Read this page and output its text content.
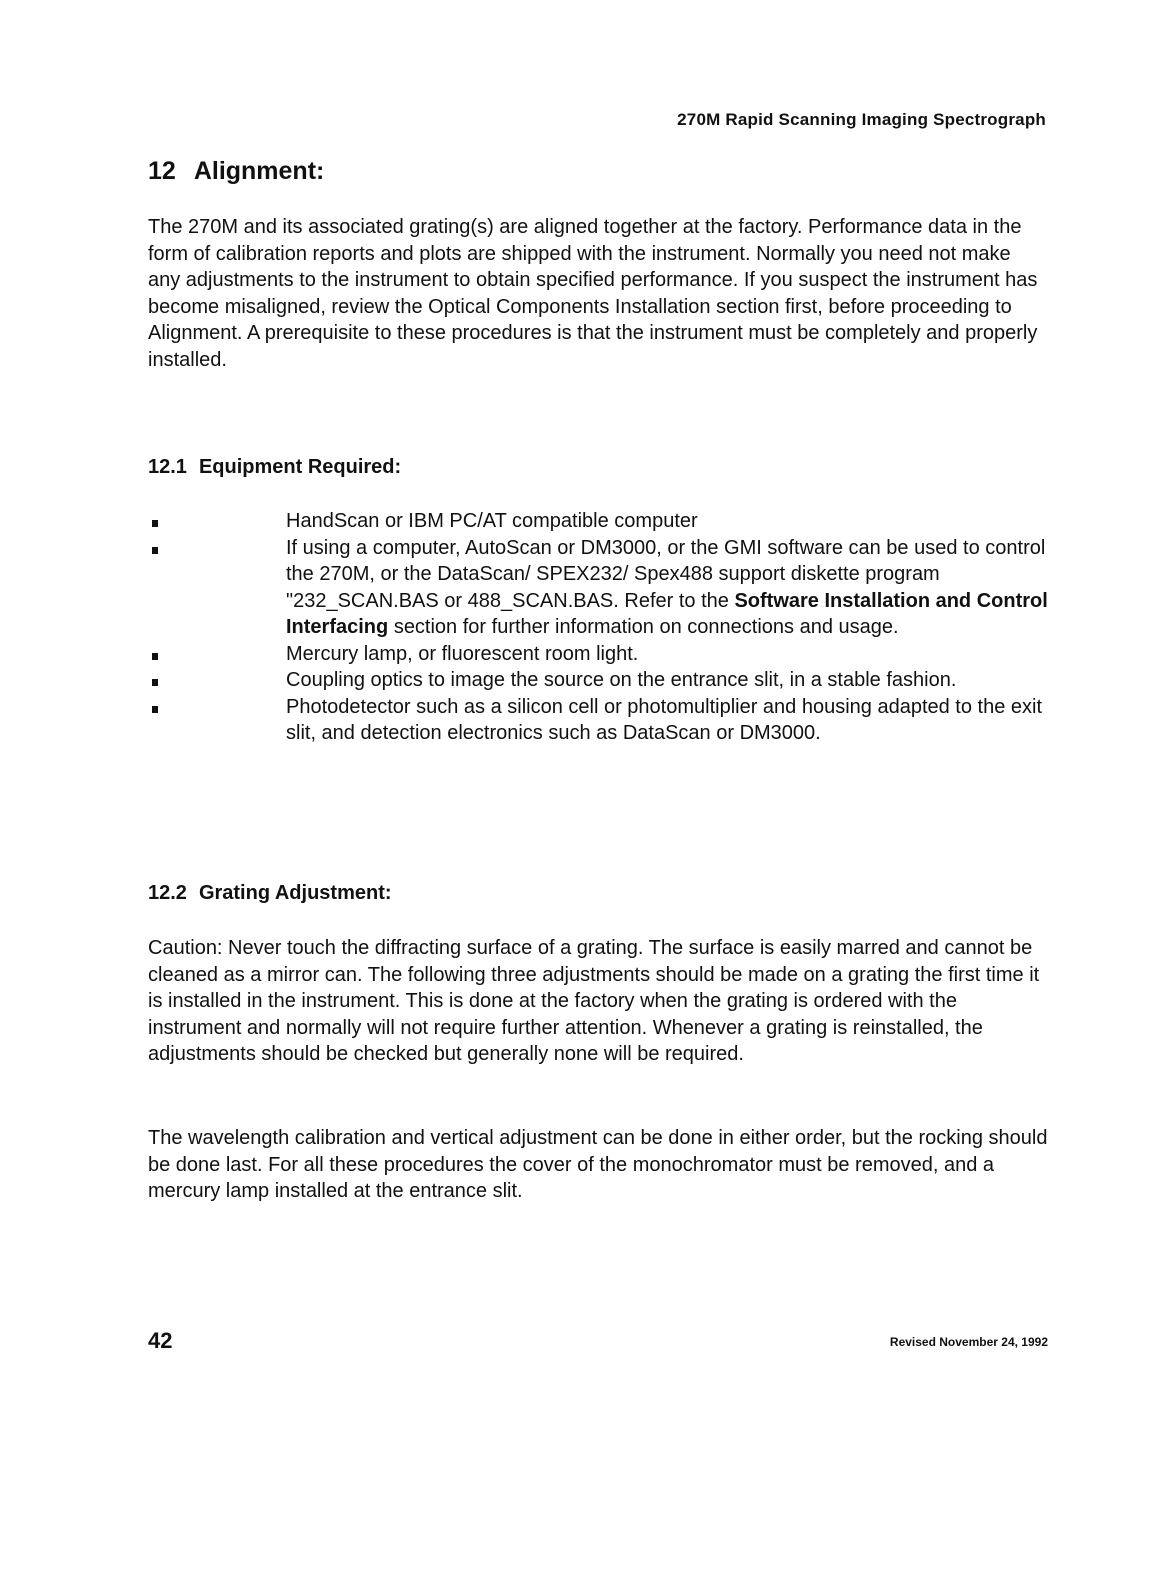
270M Rapid Scanning Imaging Spectrograph
12 Alignment:

The 270M and its associated grating(s) are aligned together at the factory. Performance data in the form of calibration reports and plots are shipped with the instrument. Normally you need not make any adjustments to the instrument to obtain specified performance. If you suspect the instrument has become misaligned, review the Optical Components Installation section first, before proceeding to Alignment. A prerequisite to these procedures is that the instrument must be completely and properly installed.

12.1 Equipment Required:
HandScan or IBM PC/AT compatible computer
If using a computer, AutoScan or DM3000, or the GMI software can be used to control the 270M, or the DataScan/ SPEX232/ Spex488 support diskette program "232_SCAN.BAS or 488_SCAN.BAS. Refer to the Software Installation and Control Interfacing section for further information on connections and usage.
Mercury lamp, or fluorescent room light.
Coupling optics to image the source on the entrance slit, in a stable fashion.
Photodetector such as a silicon cell or photomultiplier and housing adapted to the exit slit, and detection electronics such as DataScan or DM3000.
12.2 Grating Adjustment:

Caution: Never touch the diffracting surface of a grating. The surface is easily marred and cannot be cleaned as a mirror can. The following three adjustments should be made on a grating the first time it is installed in the instrument. This is done at the factory when the grating is ordered with the instrument and normally will not require further attention. Whenever a grating is reinstalled, the adjustments should be checked but generally none will be required.

The wavelength calibration and vertical adjustment can be done in either order, but the rocking should be done last. For all these procedures the cover of the monochromator must be removed, and a mercury lamp installed at the entrance slit.

42	Revised November 24, 1992
